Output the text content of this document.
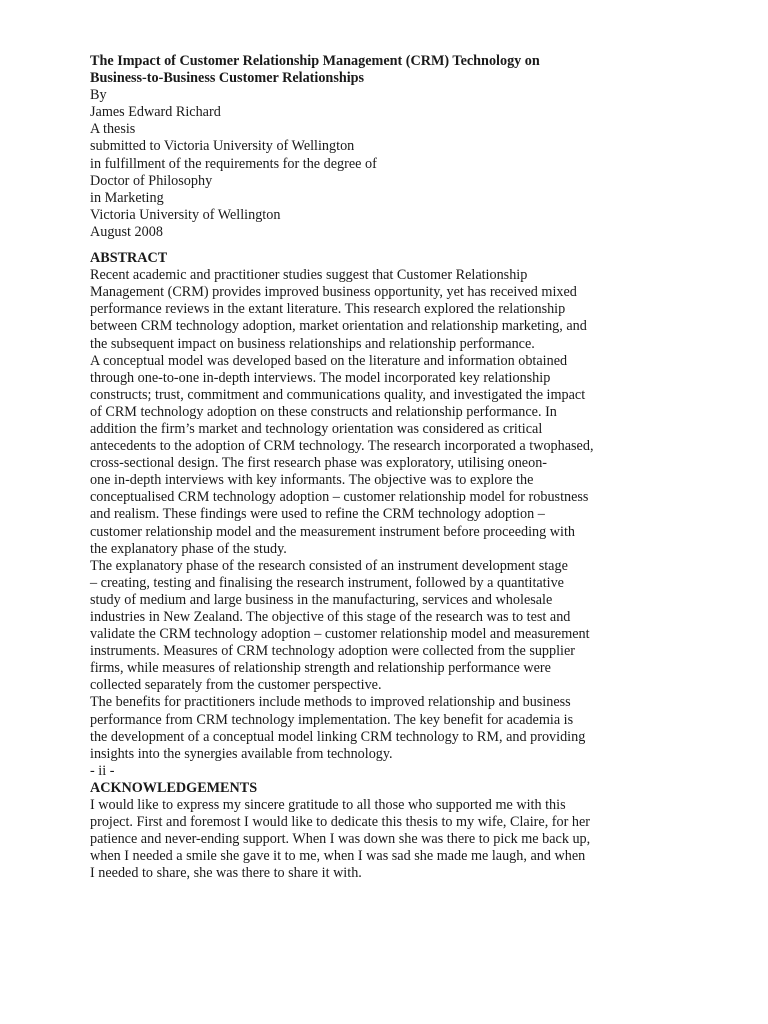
The Impact of Customer Relationship Management (CRM) Technology on
Business-to-Business Customer Relationships
By
James Edward Richard
A thesis
submitted to Victoria University of Wellington
in fulfillment of the requirements for the degree of
Doctor of Philosophy
in Marketing
Victoria University of Wellington
August 2008
ABSTRACT
Recent academic and practitioner studies suggest that Customer Relationship
Management (CRM) provides improved business opportunity, yet has received mixed
performance reviews in the extant literature. This research explored the relationship
between CRM technology adoption, market orientation and relationship marketing, and
the subsequent impact on business relationships and relationship performance.
A conceptual model was developed based on the literature and information obtained
through one-to-one in-depth interviews. The model incorporated key relationship
constructs; trust, commitment and communications quality, and investigated the impact
of CRM technology adoption on these constructs and relationship performance. In
addition the firm’s market and technology orientation was considered as critical
antecedents to the adoption of CRM technology. The research incorporated a twophased,
cross-sectional design. The first research phase was exploratory, utilising oneon-
one in-depth interviews with key informants. The objective was to explore the
conceptualised CRM technology adoption – customer relationship model for robustness
and realism. These findings were used to refine the CRM technology adoption –
customer relationship model and the measurement instrument before proceeding with
the explanatory phase of the study.
The explanatory phase of the research consisted of an instrument development stage
– creating, testing and finalising the research instrument, followed by a quantitative
study of medium and large business in the manufacturing, services and wholesale
industries in New Zealand. The objective of this stage of the research was to test and
validate the CRM technology adoption – customer relationship model and measurement
instruments. Measures of CRM technology adoption were collected from the supplier
firms, while measures of relationship strength and relationship performance were
collected separately from the customer perspective.
The benefits for practitioners include methods to improved relationship and business
performance from CRM technology implementation. The key benefit for academia is
the development of a conceptual model linking CRM technology to RM, and providing
insights into the synergies available from technology.
- ii -
ACKNOWLEDGEMENTS
I would like to express my sincere gratitude to all those who supported me with this
project. First and foremost I would like to dedicate this thesis to my wife, Claire, for her
patience and never-ending support. When I was down she was there to pick me back up,
when I needed a smile she gave it to me, when I was sad she made me laugh, and when
I needed to share, she was there to share it with.
